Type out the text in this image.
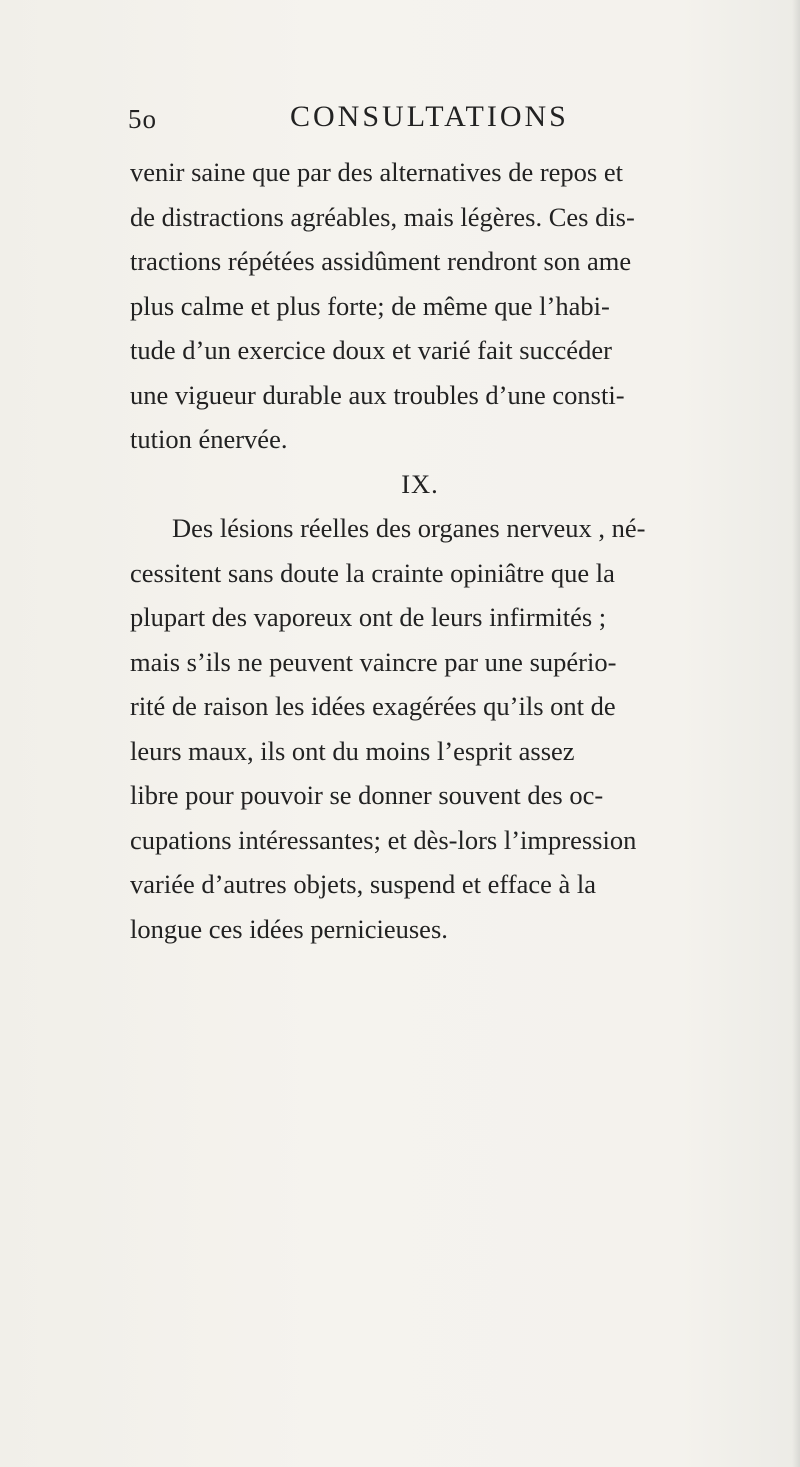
5o	CONSULTATIONS
venir saine que par des alternatives de repos et
de distractions agréables, mais légères. Ces dis-
tractions répétées assidûment rendront son ame
plus calme et plus forte; de même que l’habi-
tude d’un exercice doux et varié fait succéder
une vigueur durable aux troubles d’une consti-
tution énervée.
IX.
Des lésions réelles des organes nerveux , né-
cessitent sans doute la crainte opiniâtre que la
plupart des vaporeux ont de leurs infirmités ;
mais s’ils ne peuvent vaincre par une supério-
rité de raison les idées exagérées qu’ils ont de
leurs maux, ils ont du moins l’esprit assez
libre pour pouvoir se donner souvent des oc-
cupations intéressantes; et dès-lors l’impression
variée d’autres objets, suspend et efface à la
longue ces idées pernicieuses.
